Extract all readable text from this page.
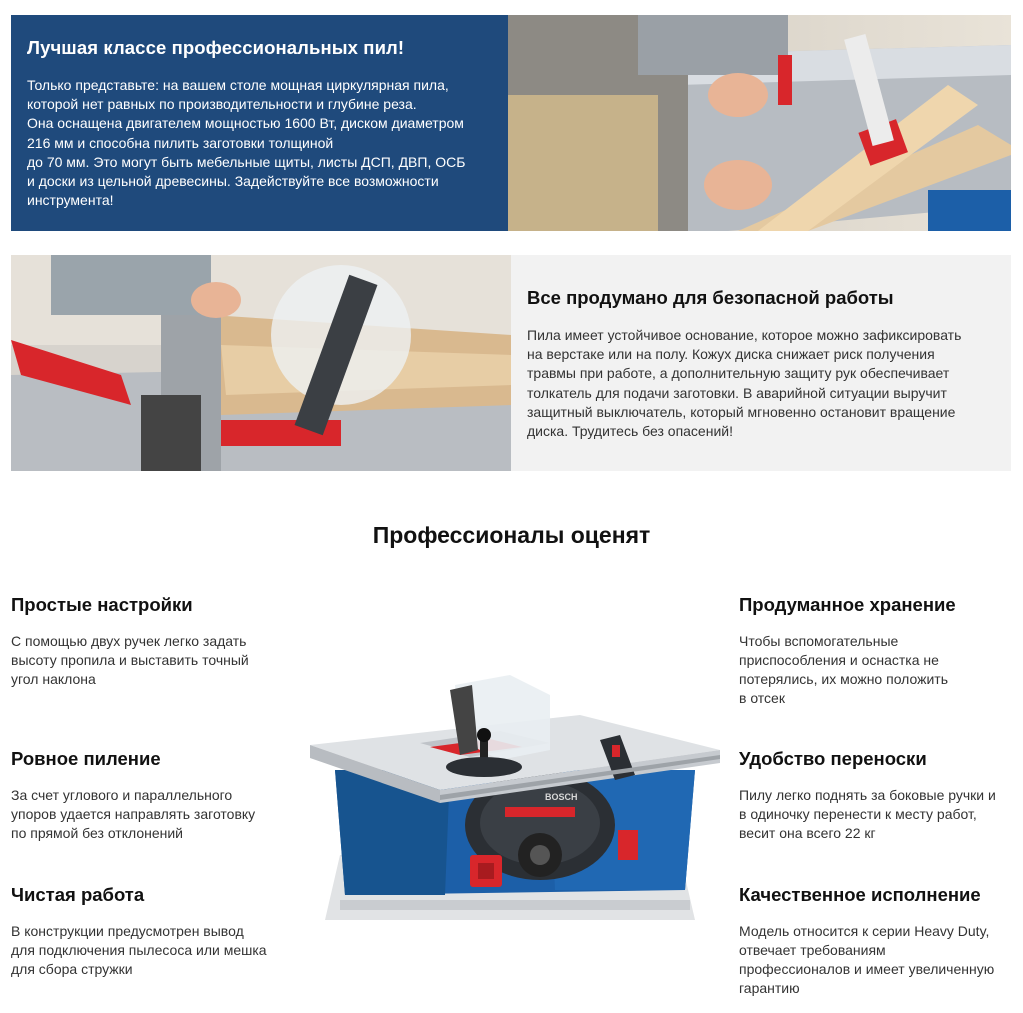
Лучшая классе профессиональных пил!

Только представьте: на вашем столе мощная циркулярная пила,
которой нет равных по производительности и глубине реза.
Она оснащена двигателем мощностью 1600 Вт, диском диаметром
216 мм и способна пилить заготовки толщиной
до 70 мм. Это могут быть мебельные щиты, листы ДСП, ДВП, ОСБ
и доски из цельной древесины. Задействуйте все возможности
инструмента!

Все продумано для безопасной работы

Пила имеет устойчивое основание, которое можно зафиксировать
на верстаке или на полу. Кожух диска снижает риск получения
травмы при работе, а дополнительную защиту рук обеспечивает
толкатель для подачи заготовки. В аварийной ситуации выручит
защитный выключатель, который мгновенно остановит вращение
диска. Трудитесь без опасений!

Профессионалы оценят
Простые настройки

С помощью двух ручек легко задать
высоту пропила и выставить точный
угол наклона

Ровное пиление

За счет углового и параллельного
упоров удается направлять заготовку
по прямой без отклонений

Чистая работа

В конструкции предусмотрен вывод
для подключения пылесоса или мешка
для сбора стружки

Продуманное хранение

Чтобы вспомогательные
приспособления и оснастка не
потерялись, их можно положить
в отсек

Удобство переноски

Пилу легко поднять за боковые ручки и
в одиночку перенести к месту работ,
весит она всего 22 кг

Качественное исполнение

Модель относится к серии Heavy Duty,
отвечает требованиям
профессионалов и имеет увеличенную
гарантию

BOSCH
